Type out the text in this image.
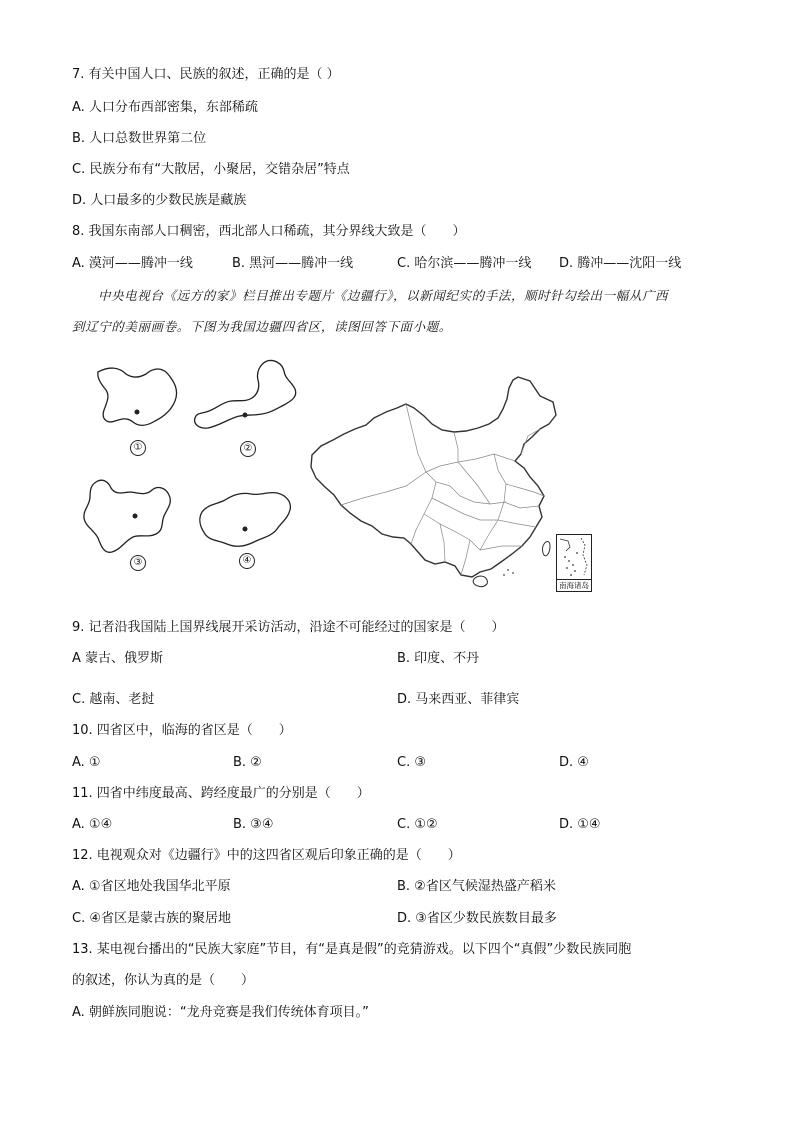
7. 有关中国人口、民族的叙述，正确的是（ ）
A. 人口分布西部密集，东部稀疏
B. 人口总数世界第二位
C. 民族分布有“大散居，小聚居，交错杂居”特点
D. 人口最多的少数民族是藏族
8. 我国东南部人口稠密，西北部人口稀疏，其分界线大致是（　　）
A. 漠河——腾冲一线	B. 黑河——腾冲一线	C. 哈尔滨——腾冲一线 D. 腾冲——沈阳一线
中央电视台《远方的家》栏目推出专题片《边疆行》，以新闻纪实的手法，顺时针勾绘出一幅从广西
到辽宁的美丽画卷。下图为我国边疆四省区，读图回答下面小题。
①	②
③	④
南海诸岛
9. 记者沿我国陆上国界线展开采访活动，沿途不可能经过的国家是（　　）
A 蒙古、俄罗斯	B. 印度、不丹
C. 越南、老挝	D. 马来西亚、菲律宾
10. 四省区中，临海的省区是（　　）
A. ①	B. ②	C. ③	D. ④
11. 四省中纬度最高、跨经度最广的分别是（　　）
A. ①④	B. ③④	C. ①②	D. ①④
12. 电视观众对《边疆行》中的这四省区观后印象正确的是（　　）
A. ①省区地处我国华北平原	B. ②省区气候湿热盛产稻米
C. ④省区是蒙古族的聚居地	D. ③省区少数民族数目最多
13. 某电视台播出的“民族大家庭”节目，有“是真是假”的竞猜游戏。以下四个“真假”少数民族同胞
的叙述，你认为真的是（　　）
A. 朝鲜族同胞说：“龙舟竞赛是我们传统体育项目。”
